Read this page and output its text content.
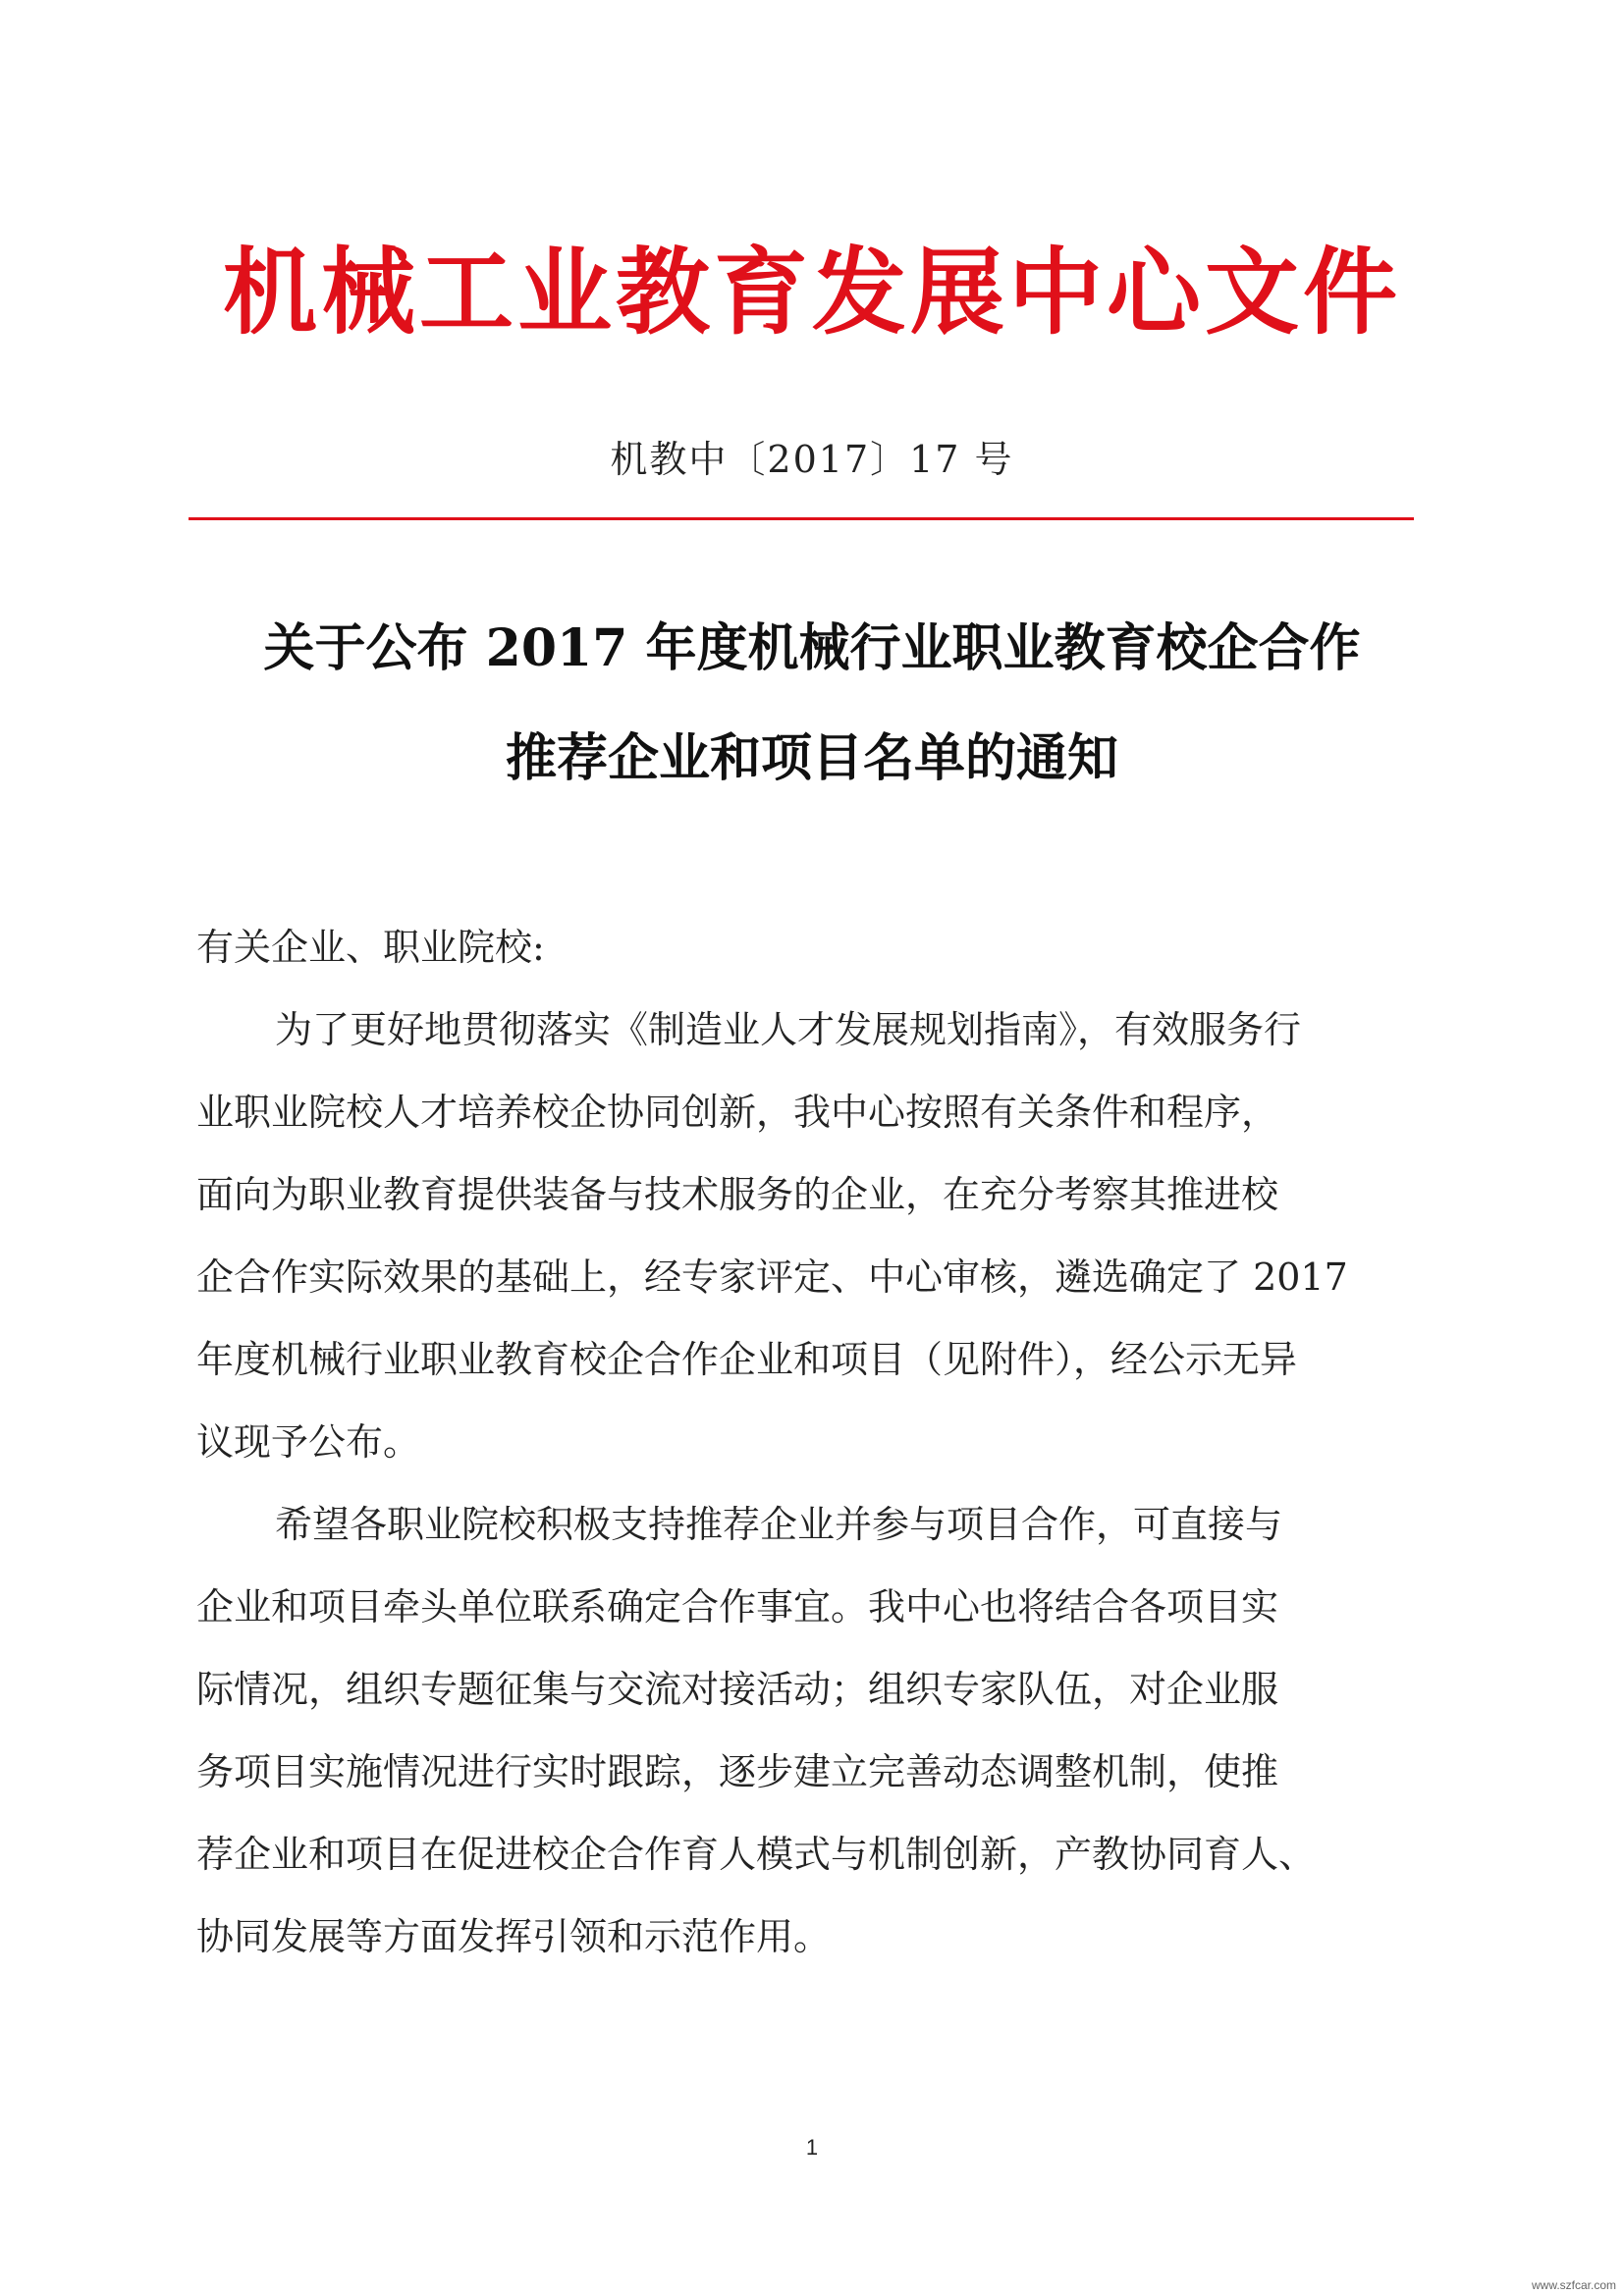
机械工业教育发展中心文件
机教中〔2017〕17 号
关于公布 2017 年度机械行业职业教育校企合作
推荐企业和项目名单的通知
有关企业、职业院校:
为了更好地贯彻落实《制造业人才发展规划指南》，有效服务行
业职业院校人才培养校企协同创新，我中心按照有关条件和程序，
面向为职业教育提供装备与技术服务的企业，在充分考察其推进校
企合作实际效果的基础上，经专家评定、中心审核，遴选确定了 2017
年度机械行业职业教育校企合作企业和项目（见附件），经公示无异
议现予公布。
希望各职业院校积极支持推荐企业并参与项目合作，可直接与
企业和项目牵头单位联系确定合作事宜。我中心也将结合各项目实
际情况，组织专题征集与交流对接活动；组织专家队伍，对企业服
务项目实施情况进行实时跟踪，逐步建立完善动态调整机制，使推
荐企业和项目在促进校企合作育人模式与机制创新，产教协同育人、
协同发展等方面发挥引领和示范作用。
1
www.szfcar.com
